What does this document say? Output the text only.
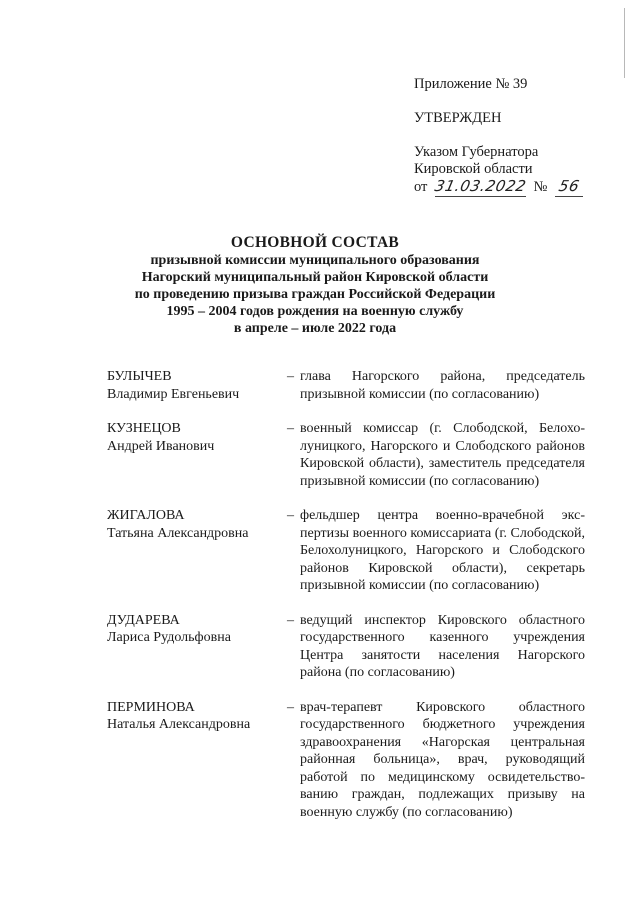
Приложение № 39
УТВЕРЖДЕН
Указом Губернатора
Кировской области
от 31.03.2022 № 56
ОСНОВНОЙ СОСТАВ
призывной комиссии муниципального образования
Нагорский муниципальный район Кировской области
по проведению призыва граждан Российской Федерации
1995 – 2004 годов рождения на военную службу
в апреле – июле 2022 года
БУЛЫЧЕВ
Владимир Евгеньевич
– глава Нагорского района, председатель призывной комиссии (по согласованию)
КУЗНЕЦОВ
Андрей Иванович
– военный комиссар (г. Слободской, Белохолуницкого, Нагорского и Слободского районов Кировской области), заместитель председателя призывной комиссии (по согласованию)
ЖИГАЛОВА
Татьяна Александровна
– фельдшер центра военно-врачебной экспертизы военного комиссариата (г. Слободской, Белохолуницкого, Нагорского и Слободского районов Кировской области), секретарь призывной комиссии (по согласованию)
ДУДАРЕВА
Лариса Рудольфовна
– ведущий инспектор Кировского областного государственного казенного учреждения Центра занятости населения Нагорского района (по согласованию)
ПЕРМИНОВА
Наталья Александровна
– врач-терапевт Кировского областного государственного бюджетного учреждения здравоохранения «Нагорская центральная районная больница», врач, руководящий работой по медицинскому освидетельствованию граждан, подлежащих призыву на военную службу (по согласованию)
